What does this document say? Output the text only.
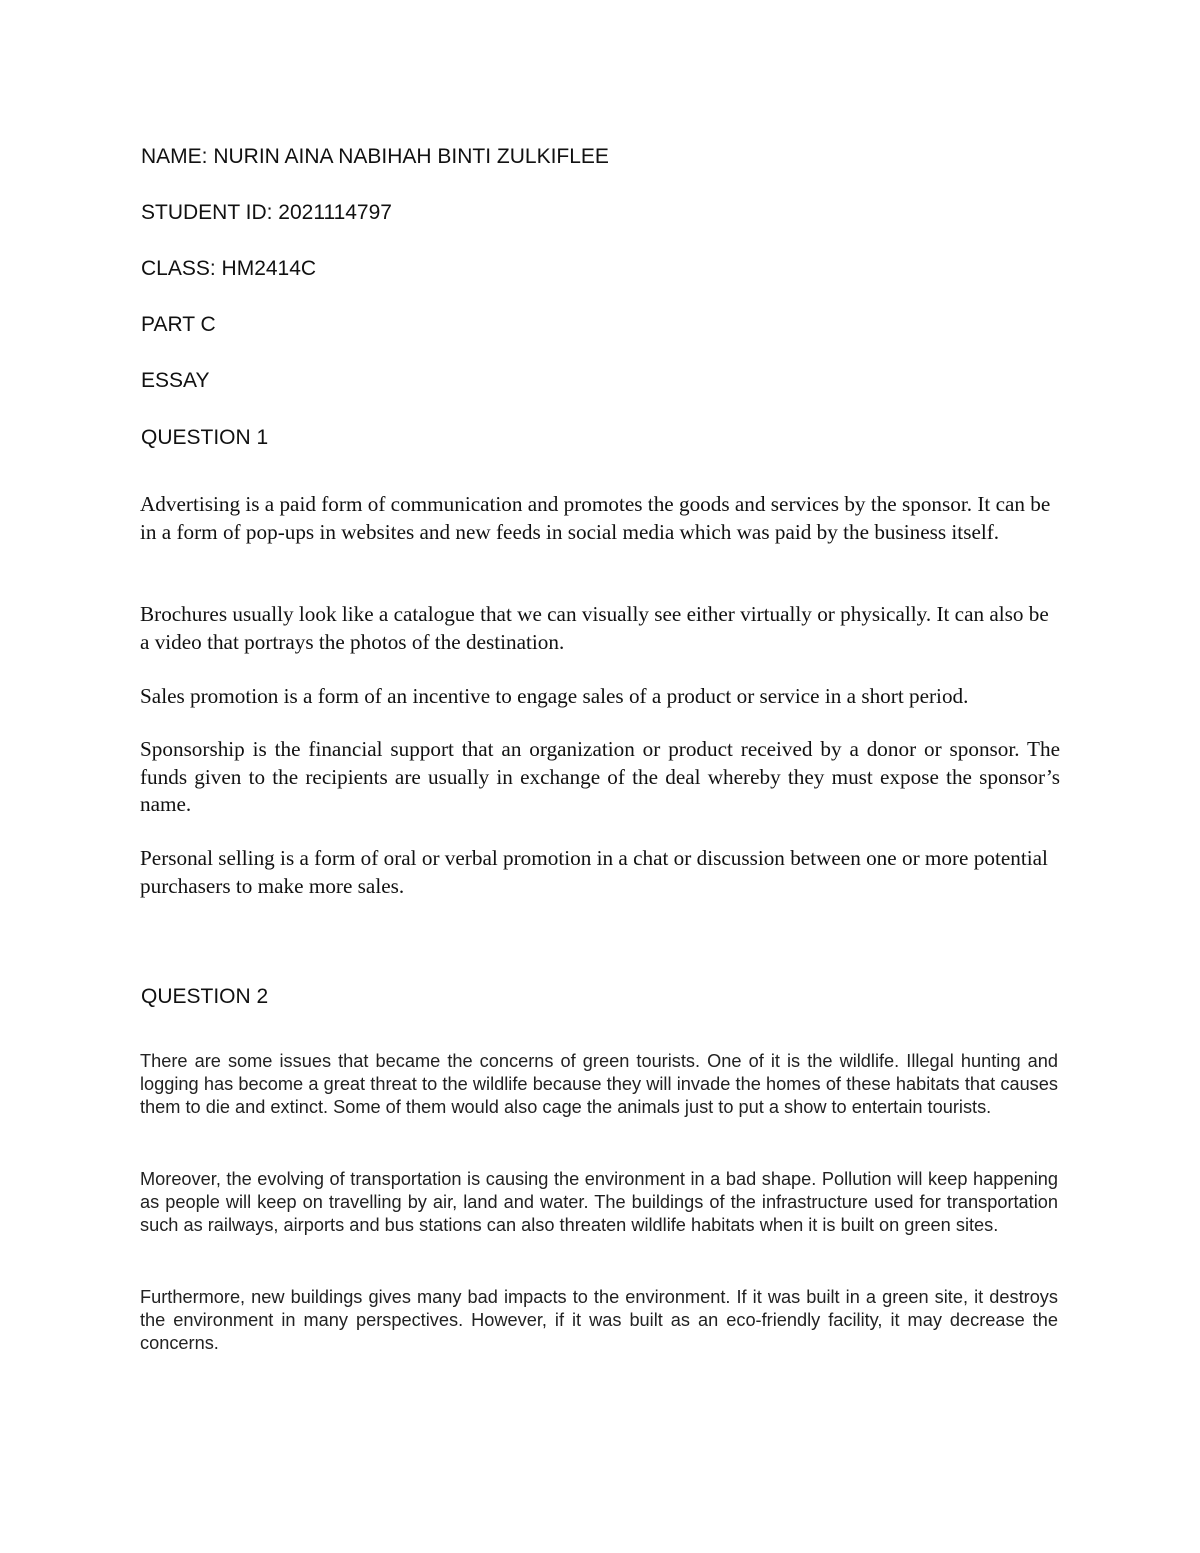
NAME: NURIN AINA NABIHAH BINTI ZULKIFLEE
STUDENT ID: 2021114797
CLASS: HM2414C
PART C
ESSAY
QUESTION 1
Advertising is a paid form of communication and promotes the goods and services by the sponsor. It can be in a form of pop-ups in websites and new feeds in social media which was paid by the business itself.
Brochures usually look like a catalogue that we can visually see either virtually or physically. It can also be a video that portrays the photos of the destination.
Sales promotion is a form of an incentive to engage sales of a product or service in a short period.
Sponsorship is the financial support that an organization or product received by a donor or sponsor. The funds given to the recipients are usually in exchange of the deal whereby they must expose the sponsor’s name.
Personal selling is a form of oral or verbal promotion in a chat or discussion between one or more potential purchasers to make more sales.
QUESTION 2
There are some issues that became the concerns of green tourists. One of it is the wildlife. Illegal hunting and logging has become a great threat to the wildlife because they will invade the homes of these habitats that causes them to die and extinct. Some of them would also cage the animals just to put a show to entertain tourists.
Moreover, the evolving of transportation is causing the environment in a bad shape. Pollution will keep happening as people will keep on travelling by air, land and water. The buildings of the infrastructure used for transportation such as railways, airports and bus stations can also threaten wildlife habitats when it is built on green sites.
Furthermore, new buildings gives many bad impacts to the environment. If it was built in a green site, it destroys the environment in many perspectives. However, if it was built as an eco-friendly facility, it may decrease the concerns.
